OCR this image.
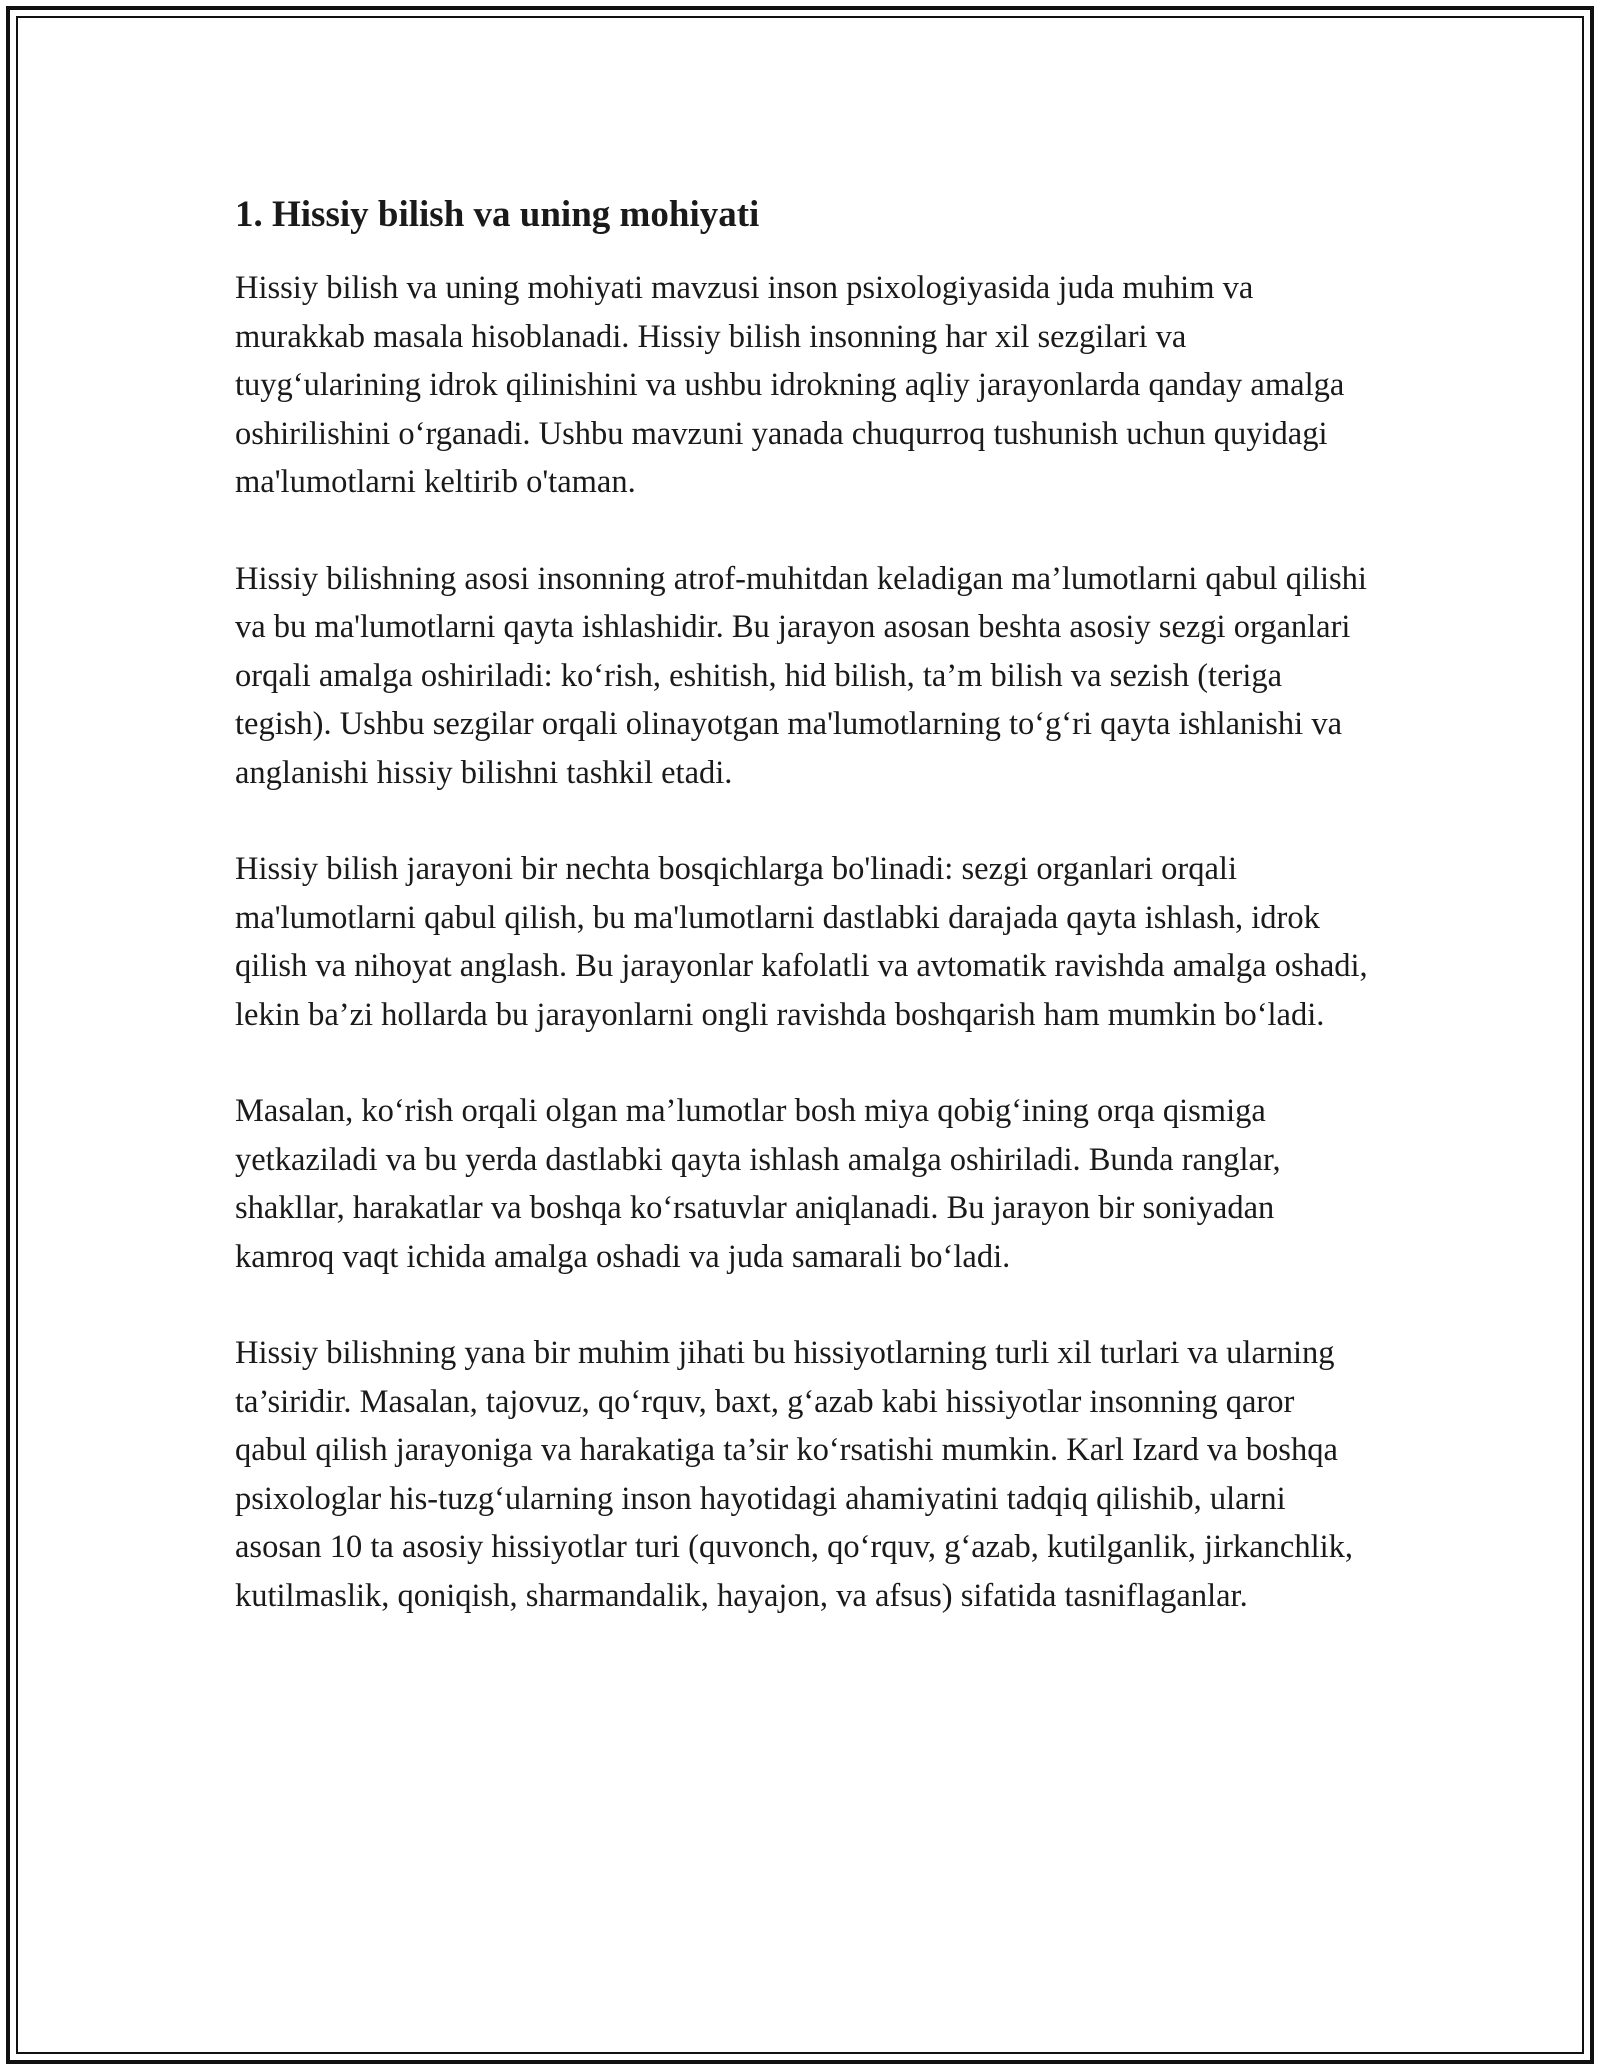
1. Hissiy bilish va uning mohiyati

Hissiy bilish va uning mohiyati mavzusi inson psixologiyasida juda muhim va murakkab masala hisoblanadi. Hissiy bilish insonning har xil sezgilari va tuyg‘ularining idrok qilinishini va ushbu idrokning aqliy jarayonlarda qanday amalga oshirilishini o‘rganadi. Ushbu mavzuni yanada chuqurroq tushunish uchun quyidagi ma'lumotlarni keltirib o'taman.

Hissiy bilishning asosi insonning atrof-muhitdan keladigan ma’lumotlarni qabul qilishi va bu ma'lumotlarni qayta ishlashidir. Bu jarayon asosan beshta asosiy sezgi organlari orqali amalga oshiriladi: ko‘rish, eshitish, hid bilish, ta’m bilish va sezish (teriga tegish). Ushbu sezgilar orqali olinayotgan ma'lumotlarning to‘g‘ri qayta ishlanishi va anglanishi hissiy bilishni tashkil etadi.

Hissiy bilish jarayoni bir nechta bosqichlarga bo'linadi: sezgi organlari orqali ma'lumotlarni qabul qilish, bu ma'lumotlarni dastlabki darajada qayta ishlash, idrok qilish va nihoyat anglash. Bu jarayonlar kafolatli va avtomatik ravishda amalga oshadi, lekin ba’zi hollarda bu jarayonlarni ongli ravishda boshqarish ham mumkin bo‘ladi.

Masalan, ko‘rish orqali olgan ma’lumotlar bosh miya qobig‘ining orqa qismiga yetkaziladi va bu yerda dastlabki qayta ishlash amalga oshiriladi. Bunda ranglar, shakllar, harakatlar va boshqa ko‘rsatuvlar aniqlanadi. Bu jarayon bir soniyadan kamroq vaqt ichida amalga oshadi va juda samarali bo‘ladi.

Hissiy bilishning yana bir muhim jihati bu hissiyotlarning turli xil turlari va ularning ta’siridir. Masalan, tajovuz, qo‘rquv, baxt, g‘azab kabi hissiyotlar insonning qaror qabul qilish jarayoniga va harakatiga ta’sir ko‘rsatishi mumkin. Karl Izard va boshqa psixologlar his-tuzg‘ularning inson hayotidagi ahamiyatini tadqiq qilishib, ularni asosan 10 ta asosiy hissiyotlar turi (quvonch, qo‘rquv, g‘azab, kutilganlik, jirkanchlik, kutilmaslik, qoniqish, sharmandalik, hayajon, va afsus) sifatida tasniflaganlar.
